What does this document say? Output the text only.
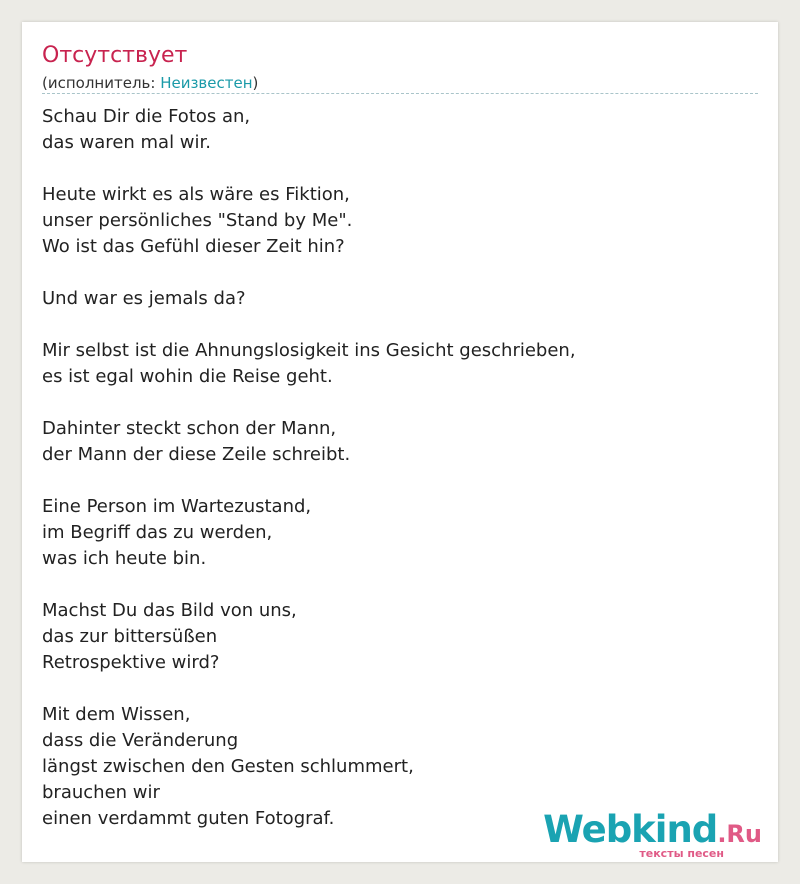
Отсутствует
(исполнитель: Неизвестен)
Schau Dir die Fotos an,
das waren mal wir.
Heute wirkt es als wäre es Fiktion,
unser persönliches "Stand by Me".
Wo ist das Gefühl dieser Zeit hin?
Und war es jemals da?
Mir selbst ist die Ahnungslosigkeit ins Gesicht geschrieben,
es ist egal wohin die Reise geht.
Dahinter steckt schon der Mann,
der Mann der diese Zeile schreibt.
Eine Person im Wartezustand,
im Begriff das zu werden,
was ich heute bin.
Machst Du das Bild von uns,
das zur bittersüßen
Retrospektive wird?
Mit dem Wissen,
dass die Veränderung
längst zwischen den Gesten schlummert,
brauchen wir
einen verdammt guten Fotograf.	Webkind.Ru
тексты песен
